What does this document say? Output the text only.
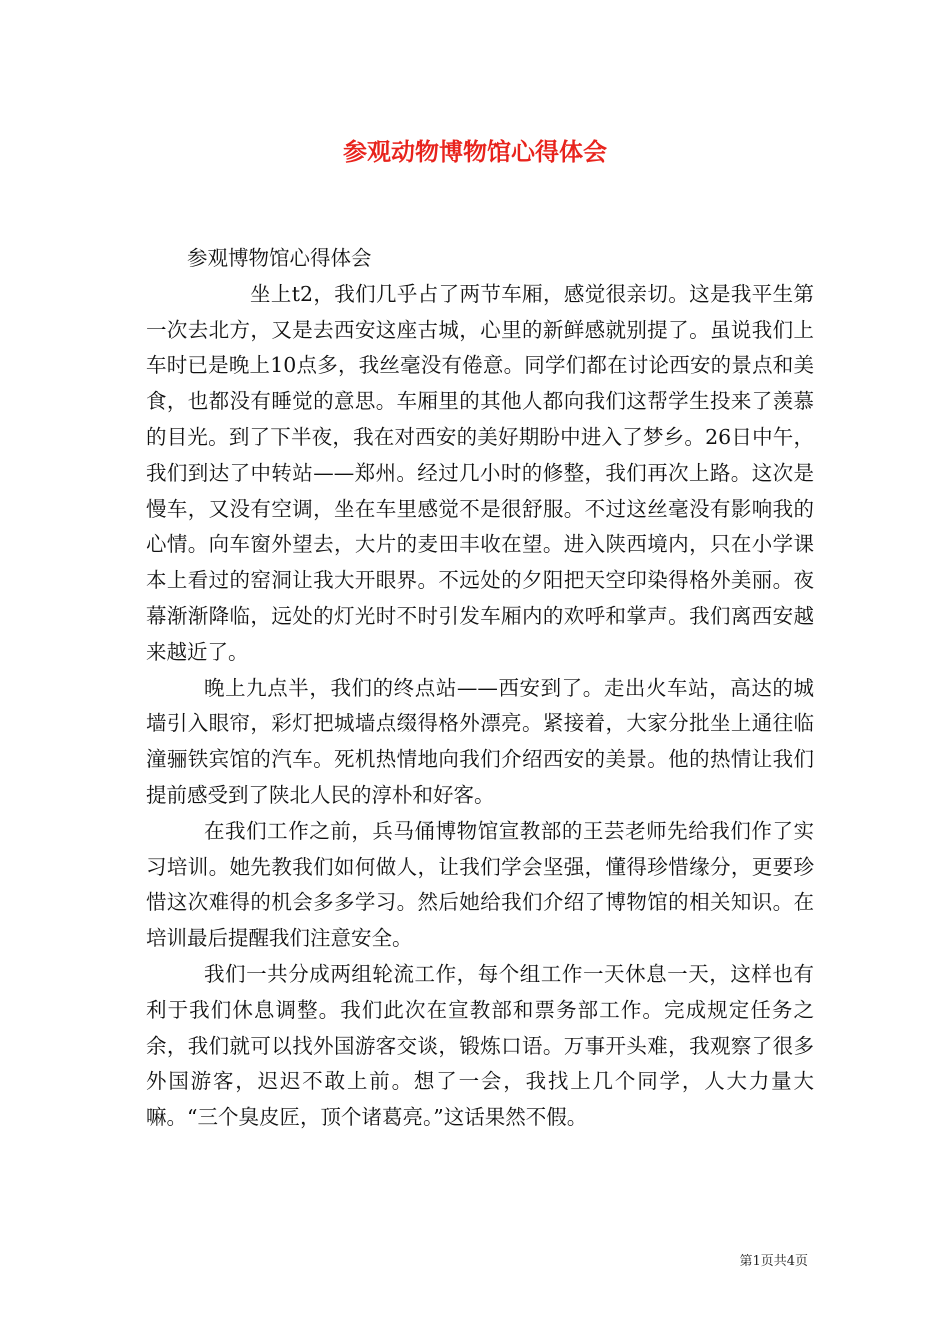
参观动物博物馆心得体会

参观博物馆心得体会

坐上t2，我们几乎占了两节车厢，感觉很亲切。这是我平生第一次去北方，又是去西安这座古城，心里的新鲜感就别提了。虽说我们上车时已是晚上10点多，我丝毫没有倦意。同学们都在讨论西安的景点和美食，也都没有睡觉的意思。车厢里的其他人都向我们这帮学生投来了羡慕的目光。到了下半夜，我在对西安的美好期盼中进入了梦乡。26日中午，我们到达了中转站——郑州。经过几小时的修整，我们再次上路。这次是慢车，又没有空调，坐在车里感觉不是很舒服。不过这丝毫没有影响我的心情。向车窗外望去，大片的麦田丰收在望。进入陕西境内，只在小学课本上看过的窑洞让我大开眼界。不远处的夕阳把天空印染得格外美丽。夜幕渐渐降临，远处的灯光时不时引发车厢内的欢呼和掌声。我们离西安越来越近了。

晚上九点半，我们的终点站——西安到了。走出火车站，高达的城墙引入眼帘，彩灯把城墙点缀得格外漂亮。紧接着，大家分批坐上通往临潼骊铁宾馆的汽车。死机热情地向我们介绍西安的美景。他的热情让我们提前感受到了陕北人民的淳朴和好客。

在我们工作之前，兵马俑博物馆宣教部的王芸老师先给我们作了实习培训。她先教我们如何做人，让我们学会坚强，懂得珍惜缘分，更要珍惜这次难得的机会多多学习。然后她给我们介绍了博物馆的相关知识。在培训最后提醒我们注意安全。

我们一共分成两组轮流工作，每个组工作一天休息一天，这样也有利于我们休息调整。我们此次在宣教部和票务部工作。完成规定任务之余，我们就可以找外国游客交谈，锻炼口语。万事开头难，我观察了很多外国游客，迟迟不敢上前。想了一会，我找上几个同学，人大力量大嘛。“三个臭皮匠，顶个诸葛亮。”这话果然不假。

第1页共4页
